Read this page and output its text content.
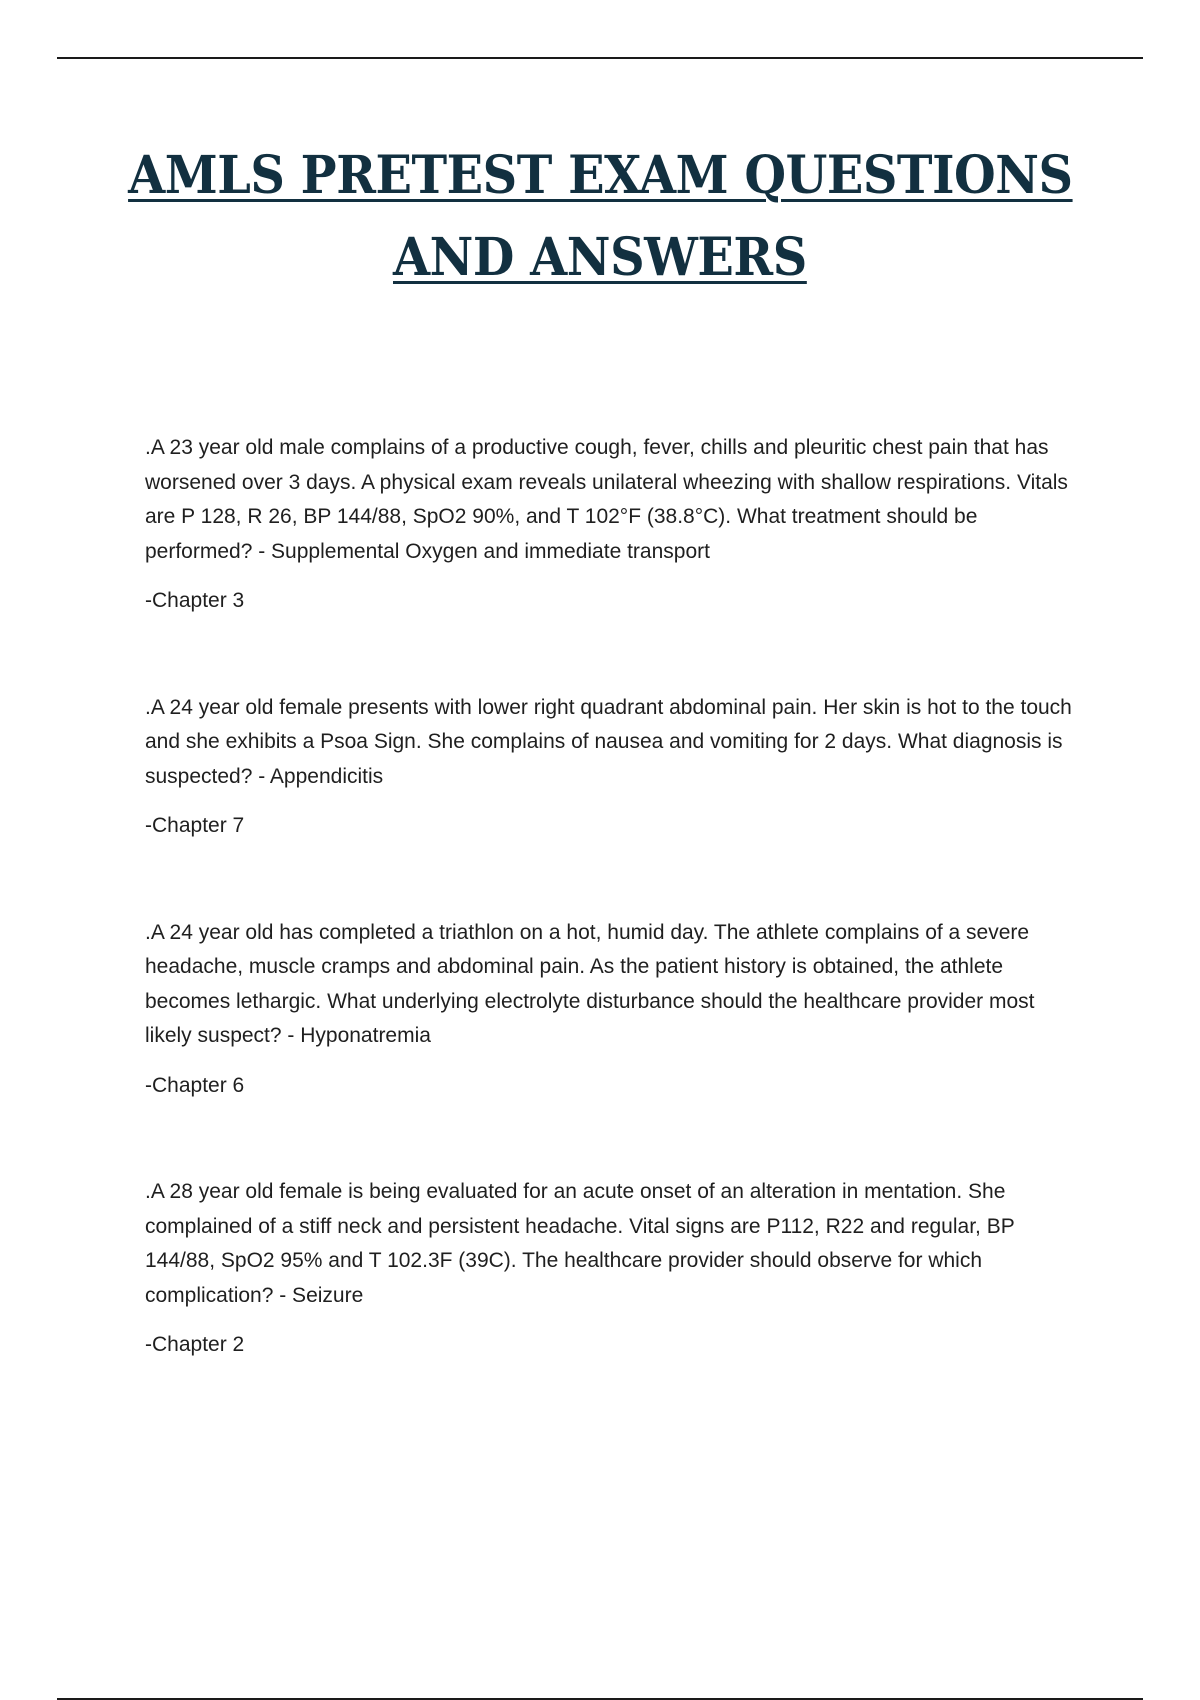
AMLS PRETEST EXAM QUESTIONS
AND ANSWERS

.A 23 year old male complains of a productive cough, fever, chills and pleuritic chest pain that has worsened over 3 days. A physical exam reveals unilateral wheezing with shallow respirations. Vitals are P 128, R 26, BP 144/88, SpO2 90%, and T 102°F (38.8°C). What treatment should be performed? - Supplemental Oxygen and immediate transport

-Chapter 3

.A 24 year old female presents with lower right quadrant abdominal pain. Her skin is hot to the touch and she exhibits a Psoa Sign. She complains of nausea and vomiting for 2 days. What diagnosis is suspected? - Appendicitis

-Chapter 7

.A 24 year old has completed a triathlon on a hot, humid day. The athlete complains of a severe headache, muscle cramps and abdominal pain. As the patient history is obtained, the athlete becomes lethargic. What underlying electrolyte disturbance should the healthcare provider most likely suspect? - Hyponatremia

-Chapter 6

.A 28 year old female is being evaluated for an acute onset of an alteration in mentation. She complained of a stiff neck and persistent headache. Vital signs are P112, R22 and regular, BP 144/88, SpO2 95% and T 102.3F (39C). The healthcare provider should observe for which complication? - Seizure

-Chapter 2
